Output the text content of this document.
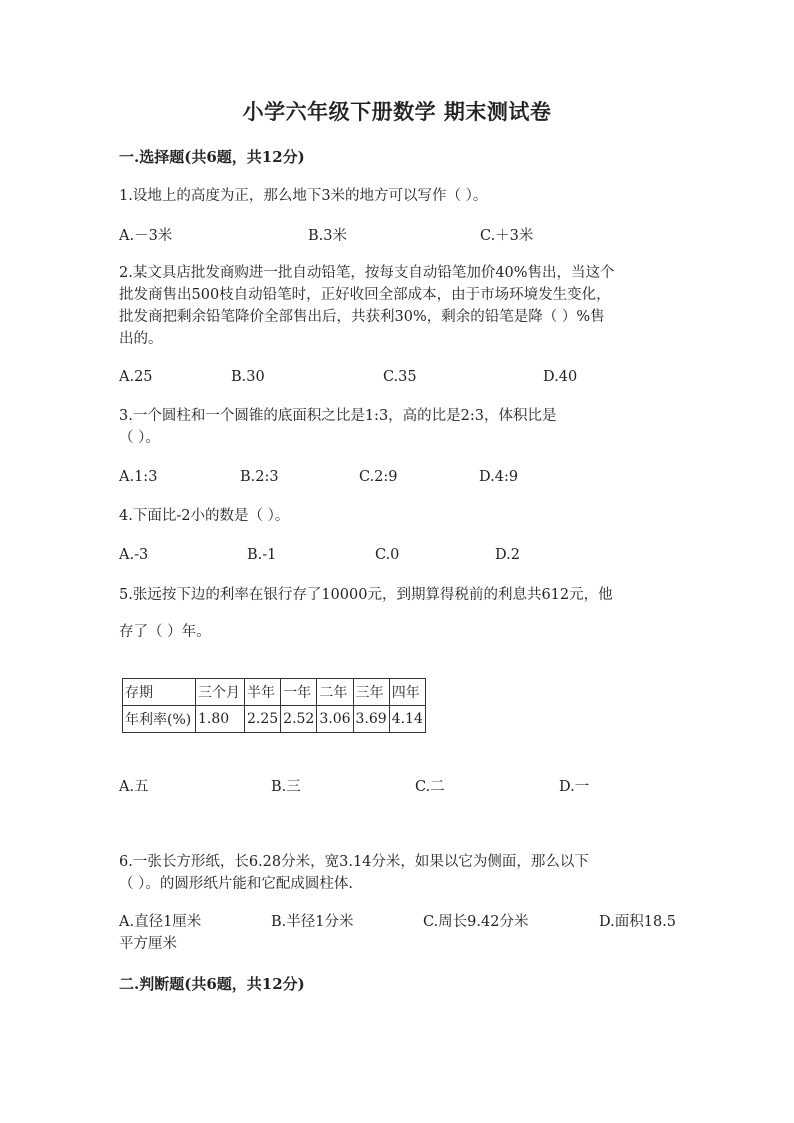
小学六年级下册数学 期末测试卷
一.选择题(共6题，共12分)
1.设地上的高度为正，那么地下3米的地方可以写作（ ）。
A.－3米	B.3米	C.＋3米
2.某文具店批发商购进一批自动铅笔，按每支自动铅笔加价40%售出，当这个
批发商售出500枝自动铅笔时，正好收回全部成本，由于市场环境发生变化，
批发商把剩余铅笔降价全部售出后，共获利30%，剩余的铅笔是降（ ）%售
出的。
A.25	B.30	C.35	D.40
3.一个圆柱和一个圆锥的底面积之比是1:3，高的比是2:3，体积比是
（ ）。
A.1:3	B.2:3	C.2:9	D.4:9
4.下面比-2小的数是（ ）。
A.-3	B.-1	C.0	D.2
5.张远按下边的利率在银行存了10000元，到期算得税前的利息共612元，他
存了（ ）年。
存期	三个月	半年	一年	二年	三年	四年
年利率(%)	1.80	2.25	2.52	3.06	3.69	4.14
A.五	B.三	C.二	D.一
6.一张长方形纸，长6.28分米，宽3.14分米，如果以它为侧面，那么以下
（ ）。的圆形纸片能和它配成圆柱体.
A.直径1厘米	B.半径1分米	C.周长9.42分米	D.面积18.5
平方厘米
二.判断题(共6题，共12分)
